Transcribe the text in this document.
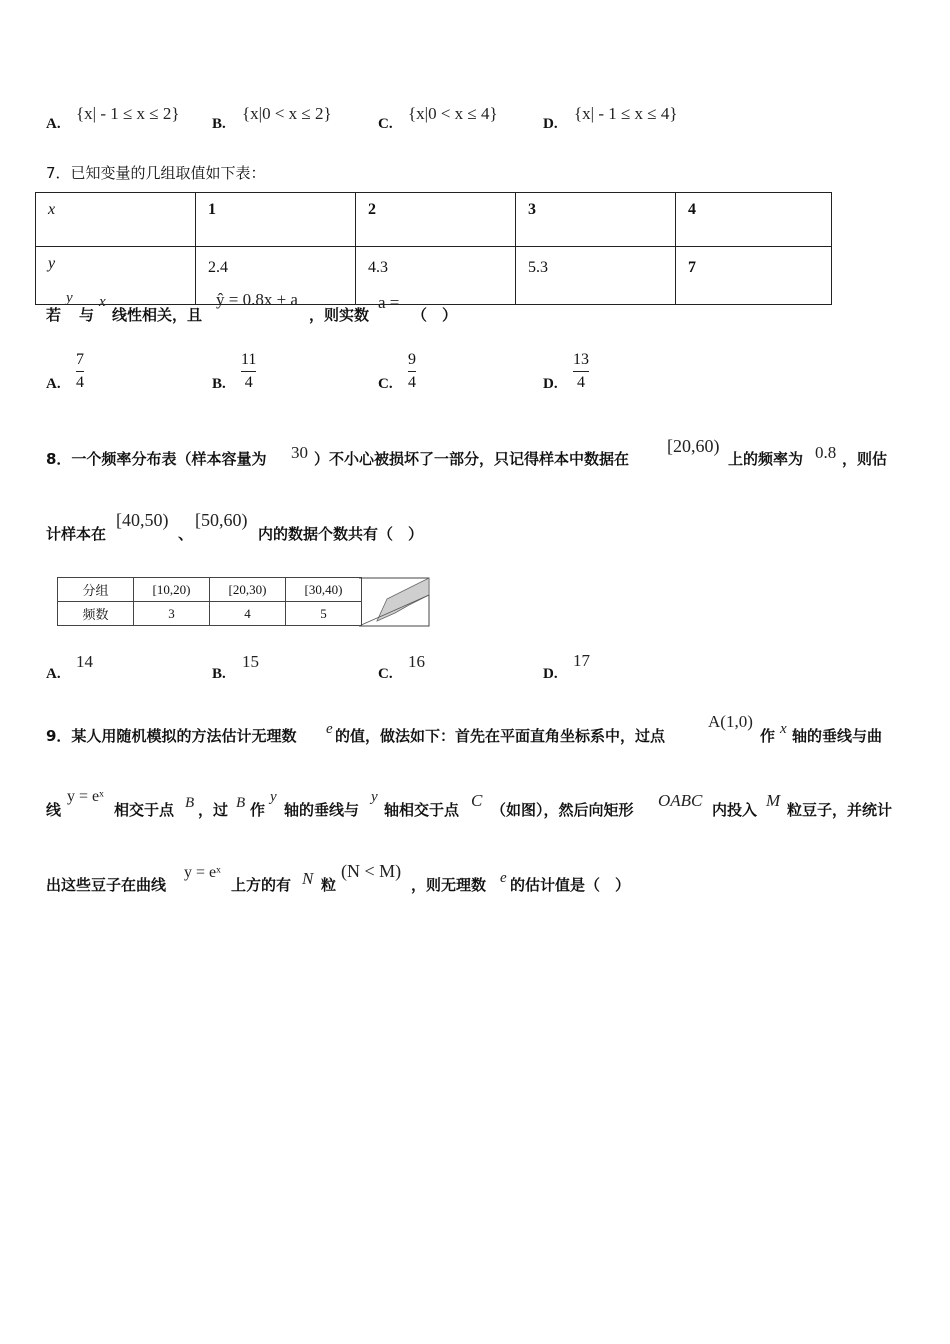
A.
{x| - 1 ≤ x ≤ 2}
B.
{x|0 < x ≤ 2}
C.
{x|0 < x ≤ 4}
D.
{x| - 1 ≤ x ≤ 4}
7．已知变量的几组取值如下表：
x	1	2	3	4
y	2.4	4.3	5.3	7
若
y
与
x
线性相关，且
ŷ = 0.8x + a
，则实数
a =
（　）
A.
7
4	B.
11
4	C.
9
4	D.
13
4
8．一个频率分布表（样本容量为 30 ）不小心被损坏了一部分，只记得样本中数据在
[20,60)
上的频率为 0.8 ，则估
计样本在
[40,50)
、
[50,60)
内的数据个数共有（　）
分组	[10,20)	[20,30)	[30,40)
频数	3	4	5
A.
14
B.
15
C.
16
D.
17
9．某人用随机模拟的方法估计无理数 e 的值，做法如下：首先在平面直角坐标系中，过点
A(1,0)
作 x 轴的垂线与曲
线
y = eˣ
相交于点 B ，过 B 作
y
轴的垂线与
y
轴相交于点 C （如图），然后向矩形 OABC 内投入 M 粒豆子，并统计
出这些豆子在曲线
y = eˣ
上方的有 N 粒
(N < M)
，则无理数 e 的估计值是（　）
